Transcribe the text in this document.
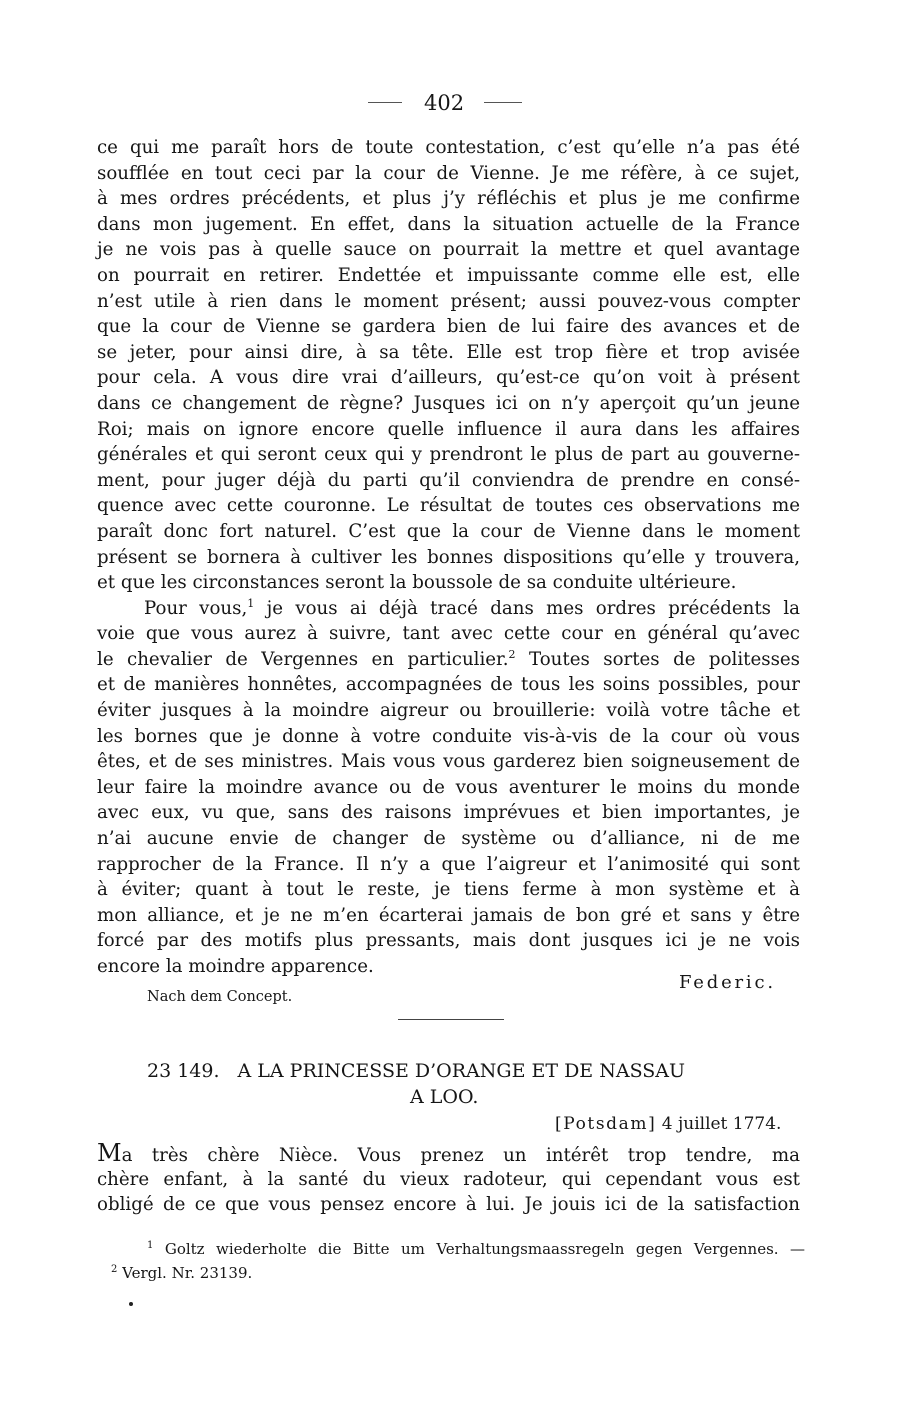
402
ce qui me paraît hors de toute contestation, c’est qu’elle n’a pas été
soufflée en tout ceci par la cour de Vienne. Je me réfère, à ce sujet,
à mes ordres précédents, et plus j’y réfléchis et plus je me confirme
dans mon jugement. En effet, dans la situation actuelle de la France
je ne vois pas à quelle sauce on pourrait la mettre et quel avantage
on pourrait en retirer. Endettée et impuissante comme elle est, elle
n’est utile à rien dans le moment présent; aussi pouvez-vous compter
que la cour de Vienne se gardera bien de lui faire des avances et de
se jeter, pour ainsi dire, à sa tête. Elle est trop fière et trop avisée
pour cela. A vous dire vrai d’ailleurs, qu’est-ce qu’on voit à présent
dans ce changement de règne? Jusques ici on n’y aperçoit qu’un jeune
Roi; mais on ignore encore quelle influence il aura dans les affaires
générales et qui seront ceux qui y prendront le plus de part au gouverne-
ment, pour juger déjà du parti qu’il conviendra de prendre en consé-
quence avec cette couronne. Le résultat de toutes ces observations me
paraît donc fort naturel. C’est que la cour de Vienne dans le moment
présent se bornera à cultiver les bonnes dispositions qu’elle y trouvera,
et que les circonstances seront la boussole de sa conduite ultérieure.
Pour vous,$^1$ je vous ai déjà tracé dans mes ordres précédents la
voie que vous aurez à suivre, tant avec cette cour en général qu’avec
le chevalier de Vergennes en particulier.$^2$ Toutes sortes de politesses
et de manières honnêtes, accompagnées de tous les soins possibles, pour
éviter jusques à la moindre aigreur ou brouillerie: voilà votre tâche et
les bornes que je donne à votre conduite vis-à-vis de la cour où vous
êtes, et de ses ministres. Mais vous vous garderez bien soigneusement de
leur faire la moindre avance ou de vous aventurer le moins du monde
avec eux, vu que, sans des raisons imprévues et bien importantes, je
n’ai aucune envie de changer de système ou d’alliance, ni de me
rapprocher de la France. Il n’y a que l’aigreur et l’animosité qui sont
à éviter; quant à tout le reste, je tiens ferme à mon système et à
mon alliance, et je ne m’en écarterai jamais de bon gré et sans y être
forcé par des motifs plus pressants, mais dont jusques ici je ne vois
encore la moindre apparence.
Federic.
Nach dem Concept.
23 149. A LA PRINCESSE D’ORANGE ET DE NASSAU
A LOO.
[Potsdam] 4 juillet 1774.
Ma très chère Nièce. Vous prenez un intérêt trop tendre, ma
chère enfant, à la santé du vieux radoteur, qui cependant vous est
obligé de ce que vous pensez encore à lui. Je jouis ici de la satisfaction
$^1$ Goltz wiederholte die Bitte um Verhaltungsmaassregeln gegen Vergennes. —
$^2$ Vergl. Nr. 23139.
